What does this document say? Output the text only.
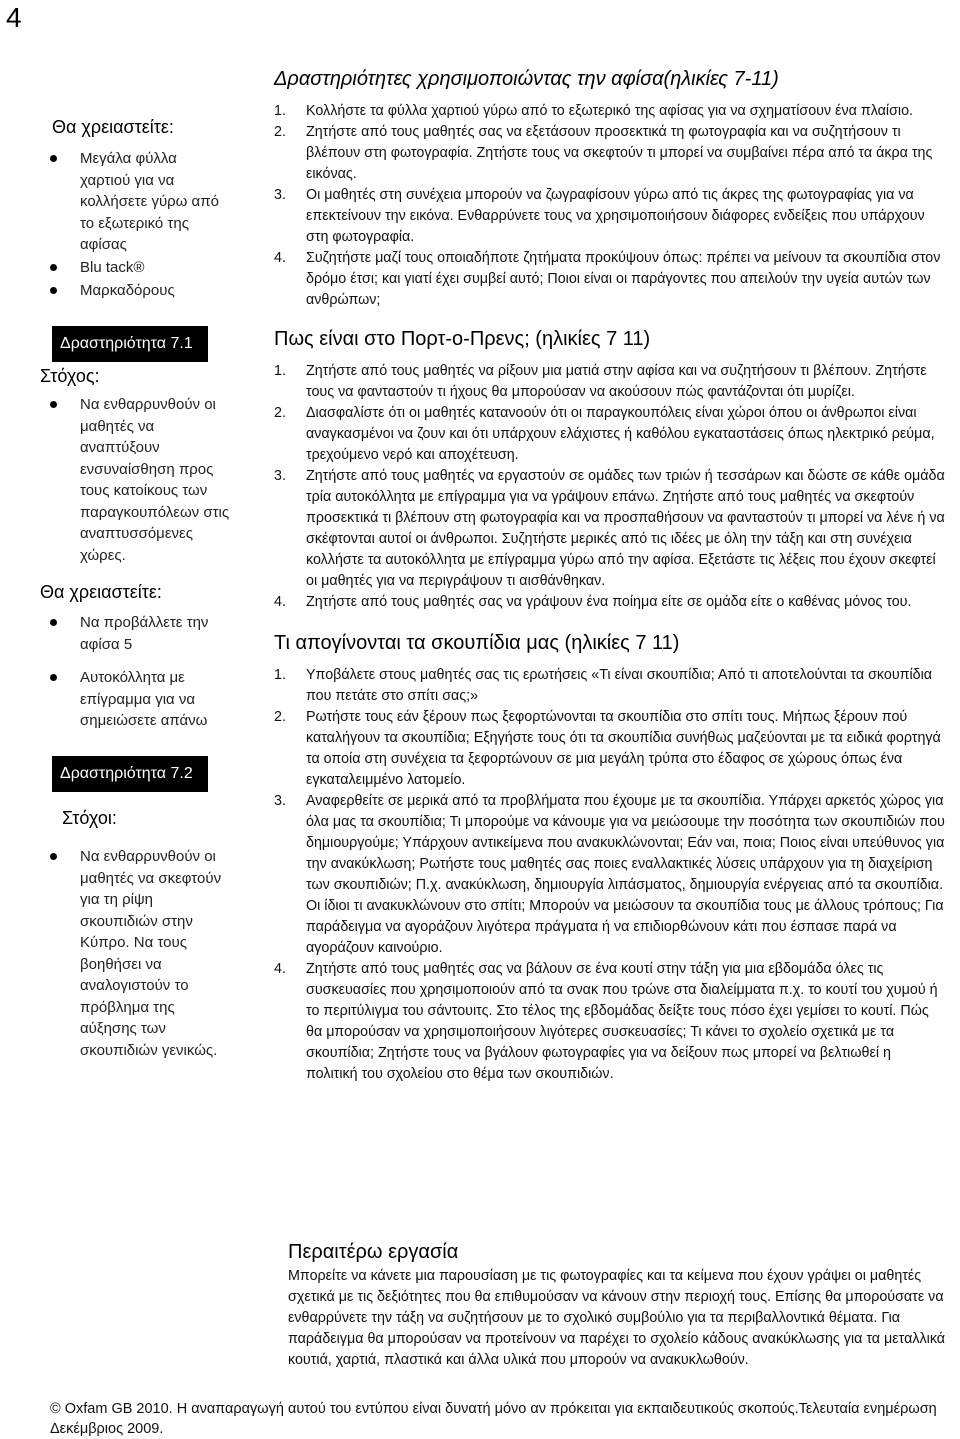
4
Θα χρειαστείτε:
Μεγάλα φύλλα χαρτιού για να κολλήσετε γύρω από το εξωτερικό της αφίσας
Blu tack®
Μαρκαδόρους
Δραστηριότητα 7.1
Στόχος:
Να ενθαρρυνθούν οι μαθητές να αναπτύξουν ενσυναίσθηση προς τους κατοίκους των παραγκουπόλεων στις αναπτυσσόμενες χώρες.
Θα χρειαστείτε:
Να προβάλλετε την αφίσα 5
Αυτοκόλλητα με επίγραμμα για να σημειώσετε απάνω
Δραστηριότητα 7.2
Στόχοι:
Να ενθαρρυνθούν οι μαθητές να σκεφτούν για τη ρίψη σκουπιδιών στην Κύπρο. Να τους βοηθήσει να αναλογιστούν το πρόβλημα της αύξησης των σκουπιδιών γενικώς.
Δραστηριότητες χρησιμοποιώντας την αφίσα(ηλικίες 7-11)
1. Κολλήστε τα φύλλα χαρτιού γύρω από το εξωτερικό της αφίσας για να σχηματίσουν ένα πλαίσιο.
2. Ζητήστε από τους μαθητές σας να εξετάσουν προσεκτικά τη φωτογραφία και να συζητήσουν τι βλέπουν στη φωτογραφία. Ζητήστε τους να σκεφτούν τι μπορεί να συμβαίνει πέρα από τα άκρα της εικόνας.
3. Οι μαθητές στη συνέχεια μπορούν να ζωγραφίσουν γύρω από τις άκρες της φωτογραφίας για να επεκτείνουν την εικόνα. Ενθαρρύνετε τους να χρησιμοποιήσουν διάφορες ενδείξεις που υπάρχουν στη φωτογραφία.
4. Συζητήστε μαζί τους οποιαδήποτε ζητήματα προκύψουν όπως: πρέπει να μείνουν τα σκουπίδια στον δρόμο έτσι; και γιατί έχει συμβεί αυτό; Ποιοι είναι οι παράγοντες που απειλούν την υγεία αυτών των ανθρώπων;
Πως είναι στο Πορτ-ο-Πρενς; (ηλικίες 7 11)
1. Ζητήστε από τους μαθητές να ρίξουν μια ματιά στην αφίσα και να συζητήσουν τι βλέπουν. Ζητήστε τους να φανταστούν τι ήχους θα μπορούσαν να ακούσουν πώς φαντάζονται ότι μυρίζει.
2. Διασφαλίστε ότι οι μαθητές κατανοούν ότι οι παραγκουπόλεις είναι χώροι όπου οι άνθρωποι είναι αναγκασμένοι να ζουν και ότι υπάρχουν ελάχιστες ή καθόλου εγκαταστάσεις όπως ηλεκτρικό ρεύμα, τρεχούμενο νερό και αποχέτευση.
3. Ζητήστε από τους μαθητές να εργαστούν σε ομάδες των τριών ή τεσσάρων και δώστε σε κάθε ομάδα τρία αυτοκόλλητα με επίγραμμα για να γράψουν επάνω. Ζητήστε από τους μαθητές να σκεφτούν προσεκτικά τι βλέπουν στη φωτογραφία και να προσπαθήσουν να φανταστούν τι μπορεί να λένε ή να σκέφτονται αυτοί οι άνθρωποι. Συζητήστε μερικές από τις ιδέες με όλη την τάξη και στη συνέχεια κολλήστε τα αυτοκόλλητα με επίγραμμα γύρω από την αφίσα. Εξετάστε τις λέξεις που έχουν σκεφτεί οι μαθητές για να περιγράψουν τι αισθάνθηκαν.
4. Ζητήστε από τους μαθητές σας να γράψουν ένα ποίημα είτε σε ομάδα είτε ο καθένας μόνος του.
Τι απογίνονται τα σκουπίδια μας (ηλικίες 7 11)
1. Υποβάλετε στους μαθητές σας τις ερωτήσεις «Τι είναι σκουπίδια; Από τι αποτελούνται τα σκουπίδια που πετάτε στο σπίτι σας;»
2. Ρωτήστε τους εάν ξέρουν πως ξεφορτώνονται τα σκουπίδια στο σπίτι τους. Μήπως ξέρουν πού καταλήγουν τα σκουπίδια; Εξηγήστε τους ότι τα σκουπίδια συνήθως μαζεύονται με τα ειδικά φορτηγά τα οποία στη συνέχεια τα ξεφορτώνουν σε μια μεγάλη τρύπα στο έδαφος σε χώρους όπως ένα εγκαταλειμμένο λατομείο.
3. Αναφερθείτε σε μερικά από τα προβλήματα που έχουμε με τα σκουπίδια. Υπάρχει αρκετός χώρος για όλα μας τα σκουπίδια; Τι μπορούμε να κάνουμε για να μειώσουμε την ποσότητα των σκουπιδιών που δημιουργούμε; Υπάρχουν αντικείμενα που ανακυκλώνονται; Εάν ναι, ποια; Ποιος είναι υπεύθυνος για την ανακύκλωση; Ρωτήστε τους μαθητές σας ποιες εναλλακτικές λύσεις υπάρχουν για τη διαχείριση των σκουπιδιών; Π.χ. ανακύκλωση, δημιουργία λιπάσματος, δημιουργία ενέργειας από τα σκουπίδια. Οι ίδιοι τι ανακυκλώνουν στο σπίτι; Μπορούν να μειώσουν τα σκουπίδια τους με άλλους τρόπους; Για παράδειγμα να αγοράζουν λιγότερα πράγματα ή να επιδιορθώνουν κάτι που έσπασε παρά να αγοράζουν καινούριο.
4. Ζητήστε από τους μαθητές σας να βάλουν σε ένα κουτί στην τάξη για μια εβδομάδα όλες τις συσκευασίες που χρησιμοποιούν από τα σνακ που τρώνε στα διαλείμματα π.χ. το κουτί του χυμού ή το περιτύλιγμα του σάντουιτς. Στο τέλος της εβδομάδας δείξτε τους πόσο έχει γεμίσει το κουτί. Πώς θα μπορούσαν να χρησιμοποιήσουν λιγότερες συσκευασίες; Τι κάνει το σχολείο σχετικά με τα σκουπίδια; Ζητήστε τους να βγάλουν φωτογραφίες για να δείξουν πως μπορεί να βελτιωθεί η πολιτική του σχολείου στο θέμα των σκουπιδιών.
Περαιτέρω εργασία

Μπορείτε να κάνετε μια παρουσίαση με τις φωτογραφίες και τα κείμενα που έχουν γράψει οι μαθητές σχετικά με τις δεξιότητες που θα επιθυμούσαν να κάνουν στην περιοχή τους. Επίσης θα μπορούσατε να ενθαρρύνετε την τάξη να συζητήσουν με το σχολικό συμβούλιο για τα περιβαλλοντικά θέματα. Για παράδειγμα θα μπορούσαν να προτείνουν να παρέχει το σχολείο κάδους ανακύκλωσης για τα μεταλλικά κουτιά, χαρτιά, πλαστικά και άλλα υλικά που μπορούν να ανακυκλωθούν.

© Oxfam GB 2010. Η αναπαραγωγή αυτού του εντύπου είναι δυνατή μόνο αν πρόκειται για εκπαιδευτικούς σκοπούς.Τελευταία ενημέρωση Δεκέμβριος 2009.
